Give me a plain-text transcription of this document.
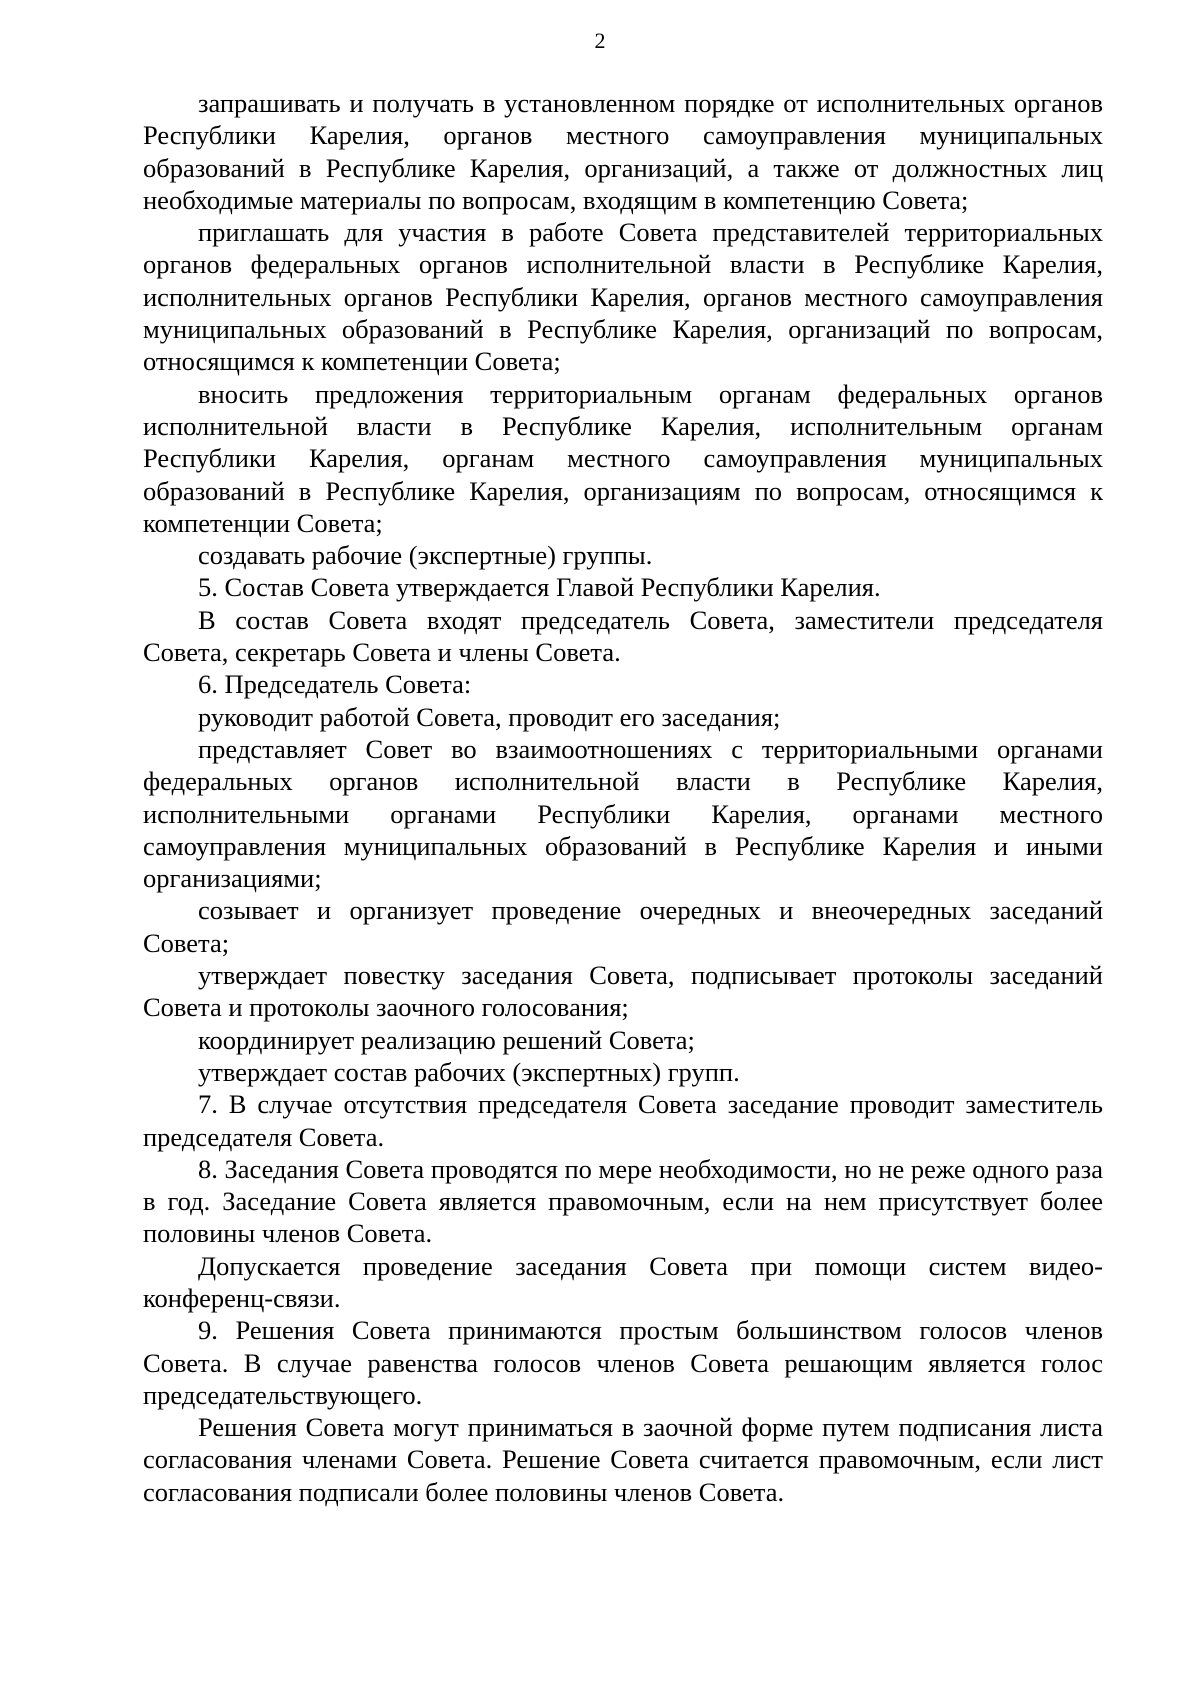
2

запрашивать и получать в установленном порядке от исполнительных органов Республики Карелия, органов местного самоуправления муниципальных образований в Республике Карелия, организаций, а также от должностных лиц необходимые материалы по вопросам, входящим в компетенцию Совета;

приглашать для участия в работе Совета представителей территориальных органов федеральных органов исполнительной власти в Республике Карелия, исполнительных органов Республики Карелия, органов местного самоуправления муниципальных образований в Республике Карелия, организаций по вопросам, относящимся к компетенции Совета;

вносить предложения территориальным органам федеральных органов исполнительной власти в Республике Карелия, исполнительным органам Республики Карелия, органам местного самоуправления муниципальных образований в Республике Карелия, организациям по вопросам, относящимся к компетенции Совета;

создавать рабочие (экспертные) группы.

5. Состав Совета утверждается Главой Республики Карелия.

В состав Совета входят председатель Совета, заместители председателя Совета, секретарь Совета и члены Совета.

6. Председатель Совета:

руководит работой Совета, проводит его заседания;

представляет Совет во взаимоотношениях с территориальными органами федеральных органов исполнительной власти в Республике Карелия, исполнительными органами Республики Карелия, органами местного самоуправления муниципальных образований в Республике Карелия и иными организациями;

созывает и организует проведение очередных и внеочередных заседаний Совета;

утверждает повестку заседания Совета, подписывает протоколы заседаний Совета и протоколы заочного голосования;

координирует реализацию решений Совета;

утверждает состав рабочих (экспертных) групп.

7. В случае отсутствия председателя Совета заседание проводит заместитель председателя Совета.

8. Заседания Совета проводятся по мере необходимости, но не реже одного раза в год. Заседание Совета является правомочным, если на нем присутствует более половины членов Совета.

Допускается проведение заседания Совета при помощи систем видео-конференц-связи.

9. Решения Совета принимаются простым большинством голосов членов Совета. В случае равенства голосов членов Совета решающим является голос председательствующего.

Решения Совета могут приниматься в заочной форме путем подписания листа согласования членами Совета. Решение Совета считается правомочным, если лист согласования подписали более половины членов Совета.
